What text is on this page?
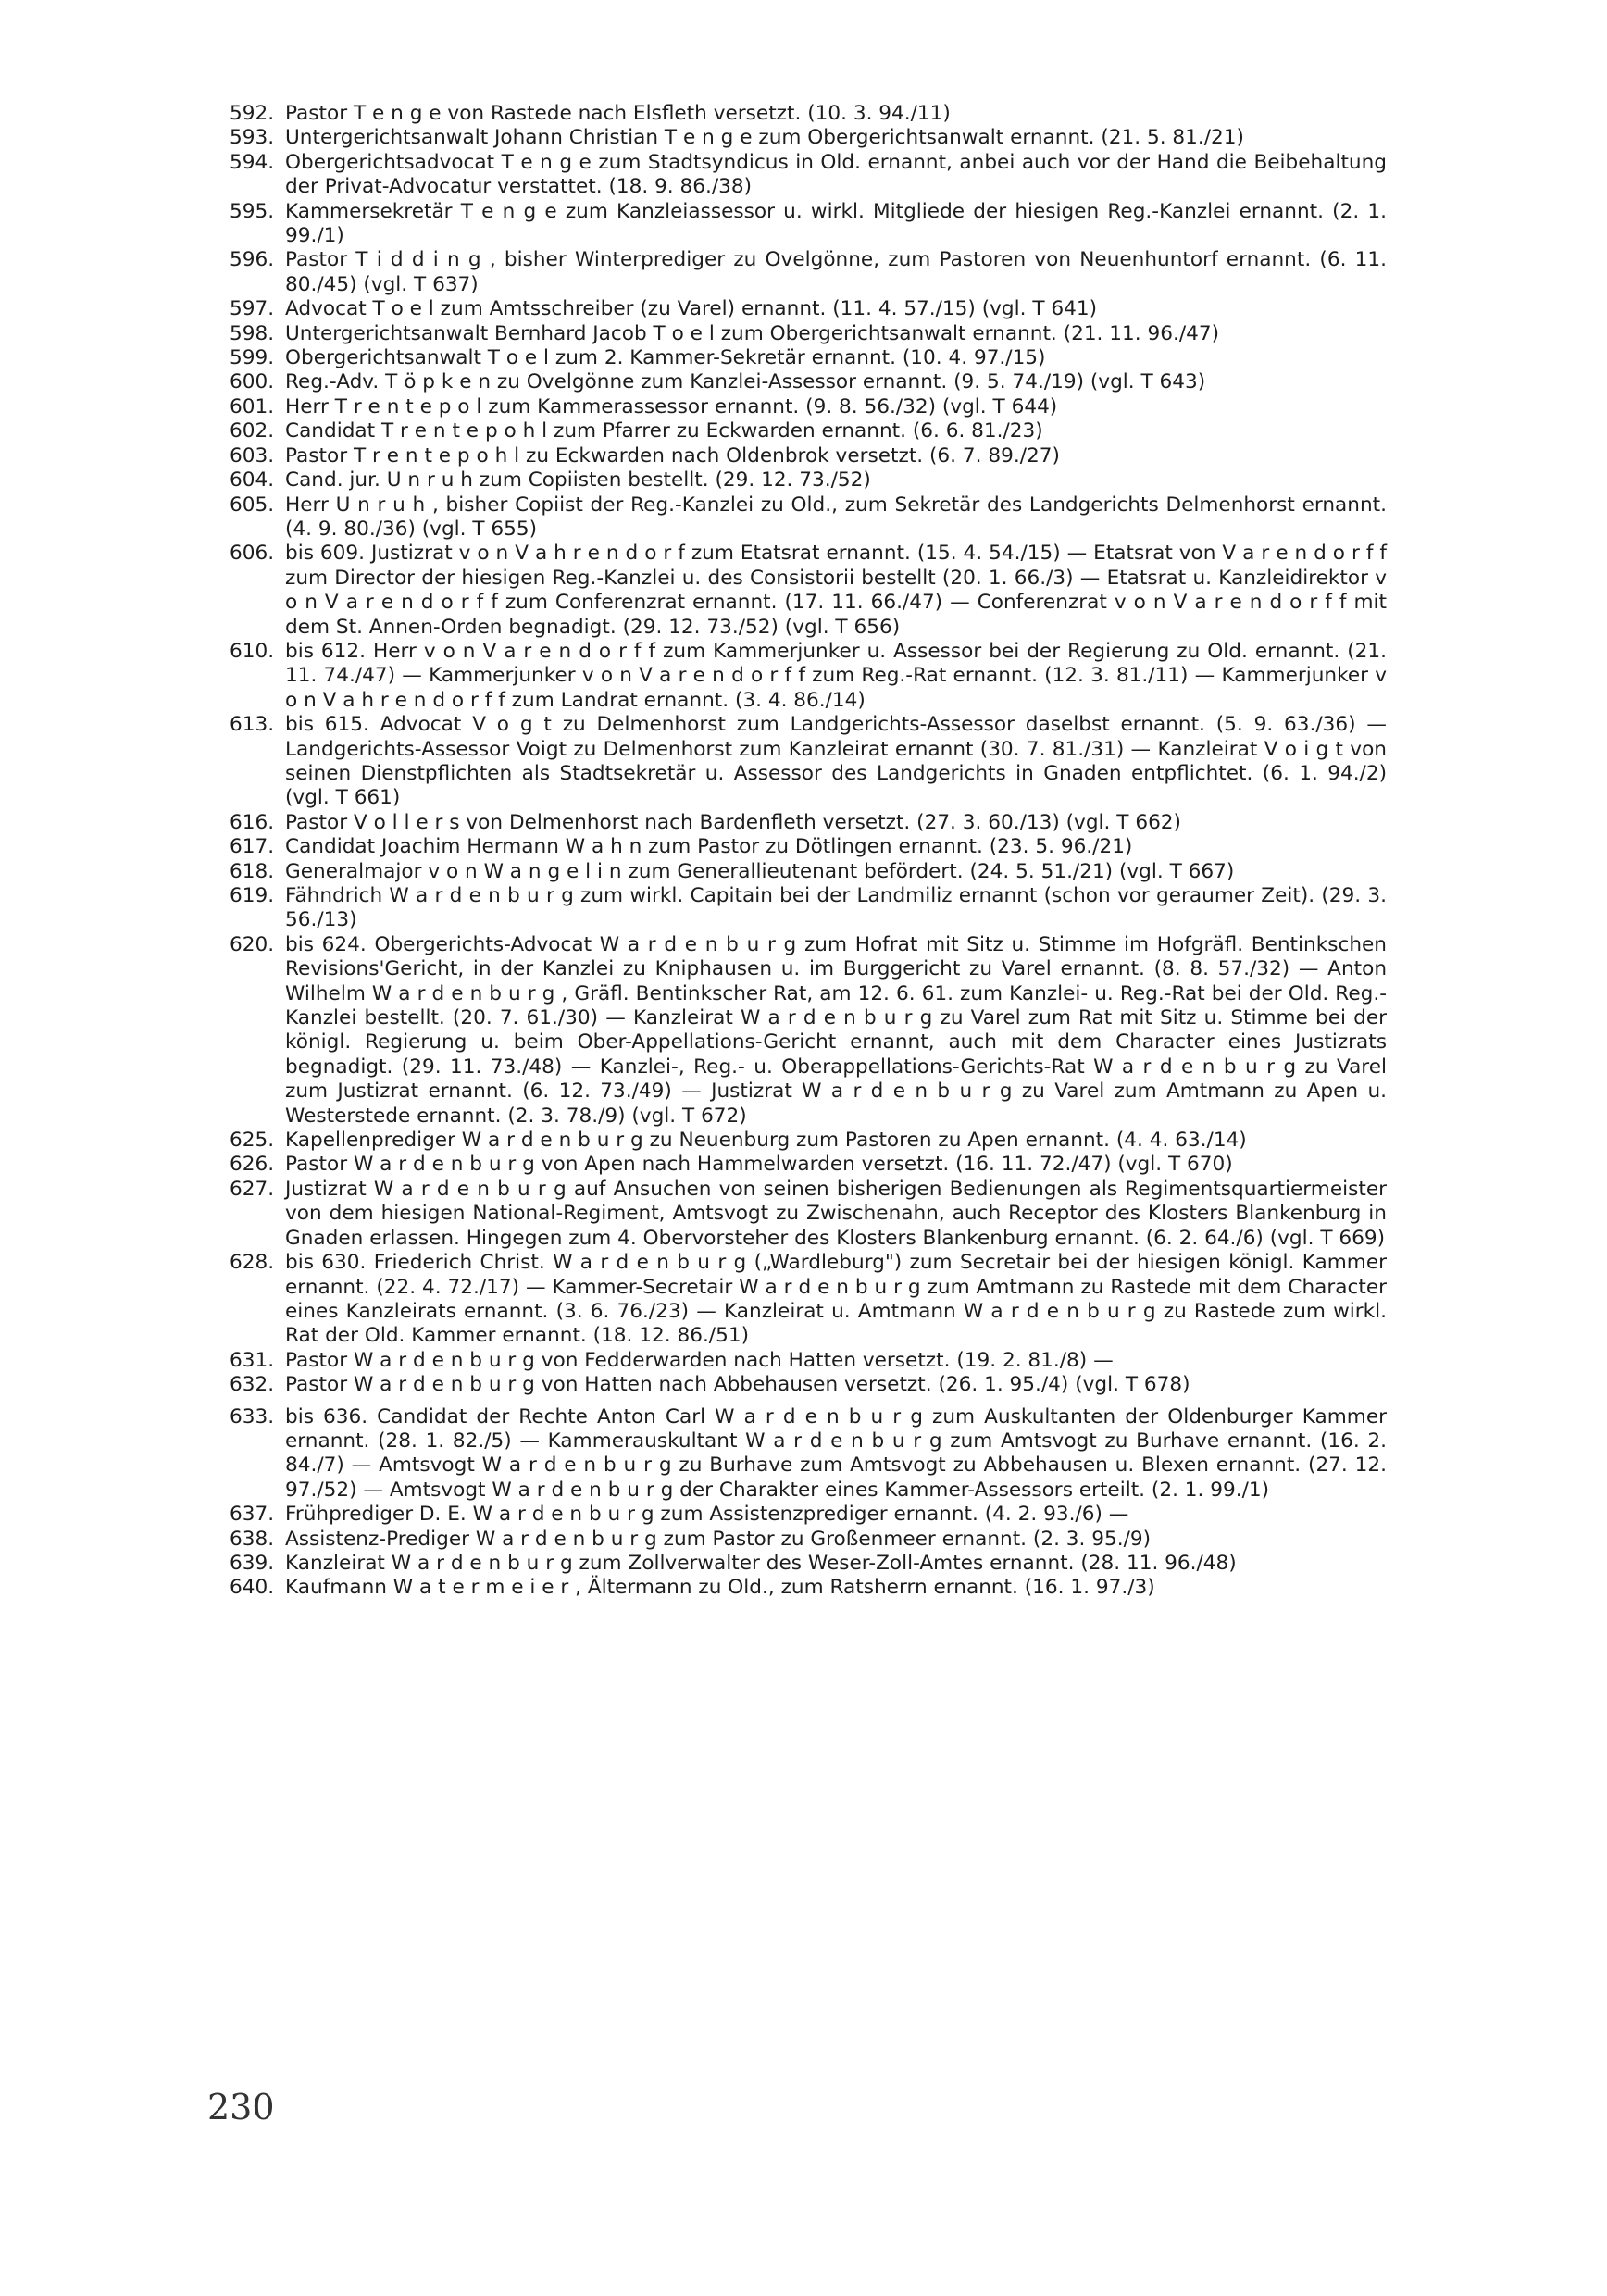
592. Pastor T e n g e von Rastede nach Elsfleth versetzt. (10. 3. 94./11)
593. Untergerichtsanwalt Johann Christian T e n g e zum Obergerichtsanwalt ernannt. (21. 5. 81./21)
594. Obergerichtsadvocat T e n g e zum Stadtsyndicus in Old. ernannt, anbei auch vor der Hand die Beibehaltung der Privat-Advocatur verstattet. (18. 9. 86./38)
595. Kammersekretär T e n g e zum Kanzleiassessor u. wirkl. Mitgliede der hiesigen Reg.-Kanzlei ernannt. (2. 1. 99./1)
596. Pastor T i d d i n g , bisher Winterprediger zu Ovelgönne, zum Pastoren von Neuenhuntorf ernannt. (6. 11. 80./45) (vgl. T 637)
597. Advocat T o e l zum Amtsschreiber (zu Varel) ernannt. (11. 4. 57./15) (vgl. T 641)
598. Untergerichtsanwalt Bernhard Jacob T o e l zum Obergerichtsanwalt ernannt. (21. 11. 96./47)
599. Obergerichtsanwalt T o e l zum 2. Kammer-Sekretär ernannt. (10. 4. 97./15)
600. Reg.-Adv. T ö p k e n zu Ovelgönne zum Kanzlei-Assessor ernannt. (9. 5. 74./19) (vgl. T 643)
601. Herr T r e n t e p o l zum Kammerassessor ernannt. (9. 8. 56./32) (vgl. T 644)
602. Candidat T r e n t e p o h l zum Pfarrer zu Eckwarden ernannt. (6. 6. 81./23)
603. Pastor T r e n t e p o h l zu Eckwarden nach Oldenbrok versetzt. (6. 7. 89./27)
604. Cand. jur. U n r u h zum Copiisten bestellt. (29. 12. 73./52)
605. Herr U n r u h , bisher Copiist der Reg.-Kanzlei zu Old., zum Sekretär des Landgerichts Delmenhorst ernannt. (4. 9. 80./36) (vgl. T 655)
606. bis 609. Justizrat v o n V a h r e n d o r f zum Etatsrat ernannt. (15. 4. 54./15) — Etatsrat von V a r e n d o r f f zum Director der hiesigen Reg.-Kanzlei u. des Consistorii bestellt (20. 1. 66./3) — Etatsrat u. Kanzleidirektor v o n V a r e n d o r f f zum Conferenzrat ernannt. (17. 11. 66./47) — Conferenzrat v o n V a r e n d o r f f mit dem St. Annen-Orden begnadigt. (29. 12. 73./52) (vgl. T 656)
610. bis 612. Herr v o n V a r e n d o r f f zum Kammerjunker u. Assessor bei der Regierung zu Old. ernannt. (21. 11. 74./47) — Kammerjunker v o n V a r e n d o r f f zum Reg.-Rat ernannt. (12. 3. 81./11) — Kammerjunker v o n V a h r e n d o r f f zum Landrat ernannt. (3. 4. 86./14)
613. bis 615. Advocat V o g t zu Delmenhorst zum Landgerichts-Assessor daselbst ernannt. (5. 9. 63./36) — Landgerichts-Assessor Voigt zu Delmenhorst zum Kanzleirat ernannt (30. 7. 81./31) — Kanzleirat V o i g t von seinen Dienstpflichten als Stadtsekretär u. Assessor des Landgerichts in Gnaden entpflichtet. (6. 1. 94./2) (vgl. T 661)
616. Pastor V o l l e r s von Delmenhorst nach Bardenfleth versetzt. (27. 3. 60./13) (vgl. T 662)
617. Candidat Joachim Hermann W a h n zum Pastor zu Dötlingen ernannt. (23. 5. 96./21)
618. Generalmajor v o n W a n g e l i n zum Generallieutenant befördert. (24. 5. 51./21) (vgl. T 667)
619. Fähndrich W a r d e n b u r g zum wirkl. Capitain bei der Landmiliz ernannt (schon vor geraumer Zeit). (29. 3. 56./13)
620. bis 624. Obergerichts-Advocat W a r d e n b u r g zum Hofrat mit Sitz u. Stimme im Hofgräfl. Bentinkschen Revisions'Gericht, in der Kanzlei zu Kniphausen u. im Burggericht zu Varel ernannt. (8. 8. 57./32) — Anton Wilhelm W a r d e n b u r g , Gräfl. Bentinkscher Rat, am 12. 6. 61. zum Kanzlei- u. Reg.-Rat bei der Old. Reg.-Kanzlei bestellt. (20. 7. 61./30) — Kanzleirat W a r d e n b u r g zu Varel zum Rat mit Sitz u. Stimme bei der königl. Regierung u. beim Ober-Appellations-Gericht ernannt, auch mit dem Character eines Justizrats begnadigt. (29. 11. 73./48) — Kanzlei-, Reg.- u. Oberappellations-Gerichts-Rat W a r d e n b u r g zu Varel zum Justizrat ernannt. (6. 12. 73./49) — Justizrat W a r d e n b u r g zu Varel zum Amtmann zu Apen u. Westerstede ernannt. (2. 3. 78./9) (vgl. T 672)
625. Kapellenprediger W a r d e n b u r g zu Neuenburg zum Pastoren zu Apen ernannt. (4. 4. 63./14)
626. Pastor W a r d e n b u r g von Apen nach Hammelwarden versetzt. (16. 11. 72./47) (vgl. T 670)
627. Justizrat W a r d e n b u r g auf Ansuchen von seinen bisherigen Bedienungen als Regimentsquartiermeister von dem hiesigen National-Regiment, Amtsvogt zu Zwischenahn, auch Receptor des Klosters Blankenburg in Gnaden erlassen. Hingegen zum 4. Obervorsteher des Klosters Blankenburg ernannt. (6. 2. 64./6) (vgl. T 669)
628. bis 630. Friederich Christ. W a r d e n b u r g („Wardleburg") zum Secretair bei der hiesigen königl. Kammer ernannt. (22. 4. 72./17) — Kammer-Secretair W a r d e n b u r g zum Amtmann zu Rastede mit dem Character eines Kanzleirats ernannt. (3. 6. 76./23) — Kanzleirat u. Amtmann W a r d e n b u r g zu Rastede zum wirkl. Rat der Old. Kammer ernannt. (18. 12. 86./51)
631. Pastor W a r d e n b u r g von Fedderwarden nach Hatten versetzt. (19. 2. 81./8) —
632. Pastor W a r d e n b u r g von Hatten nach Abbehausen versetzt. (26. 1. 95./4) (vgl. T 678)
633. bis 636. Candidat der Rechte Anton Carl W a r d e n b u r g zum Auskultanten der Oldenburger Kammer ernannt. (28. 1. 82./5) — Kammerauskultant W a r d e n b u r g zum Amtsvogt zu Burhave ernannt. (16. 2. 84./7) — Amtsvogt W a r d e n b u r g zu Burhave zum Amtsvogt zu Abbehausen u. Blexen ernannt. (27. 12. 97./52) — Amtsvogt W a r d e n b u r g der Charakter eines Kammer-Assessors erteilt. (2. 1. 99./1)
637. Frühprediger D. E. W a r d e n b u r g zum Assistenzprediger ernannt. (4. 2. 93./6) —
638. Assistenz-Prediger W a r d e n b u r g zum Pastor zu Großenmeer ernannt. (2. 3. 95./9)
639. Kanzleirat W a r d e n b u r g zum Zollverwalter des Weser-Zoll-Amtes ernannt. (28. 11. 96./48)
640. Kaufmann W a t e r m e i e r , Ältermann zu Old., zum Ratsherrn ernannt. (16. 1. 97./3)
230
